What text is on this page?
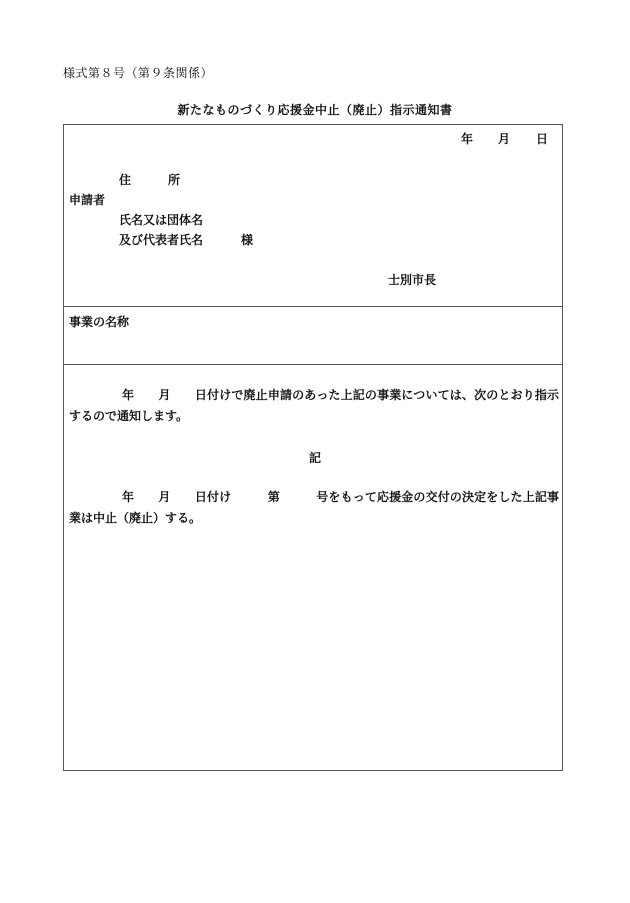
様式第８号（第９条関係）
新たなものづくり応援金中止（廃止）指示通知書
年 月 日
住	所
申請者
氏名又は団体名
及び代表者氏名	様
士別市長
事業の名称

年　　月　　日付けで廃止申請のあった上記の事業については、次のとおり指示するので通知します。

記

年　　月　　日付け　　　第　　　号をもって応援金の交付の決定をした上記事業は中止（廃止）する。
